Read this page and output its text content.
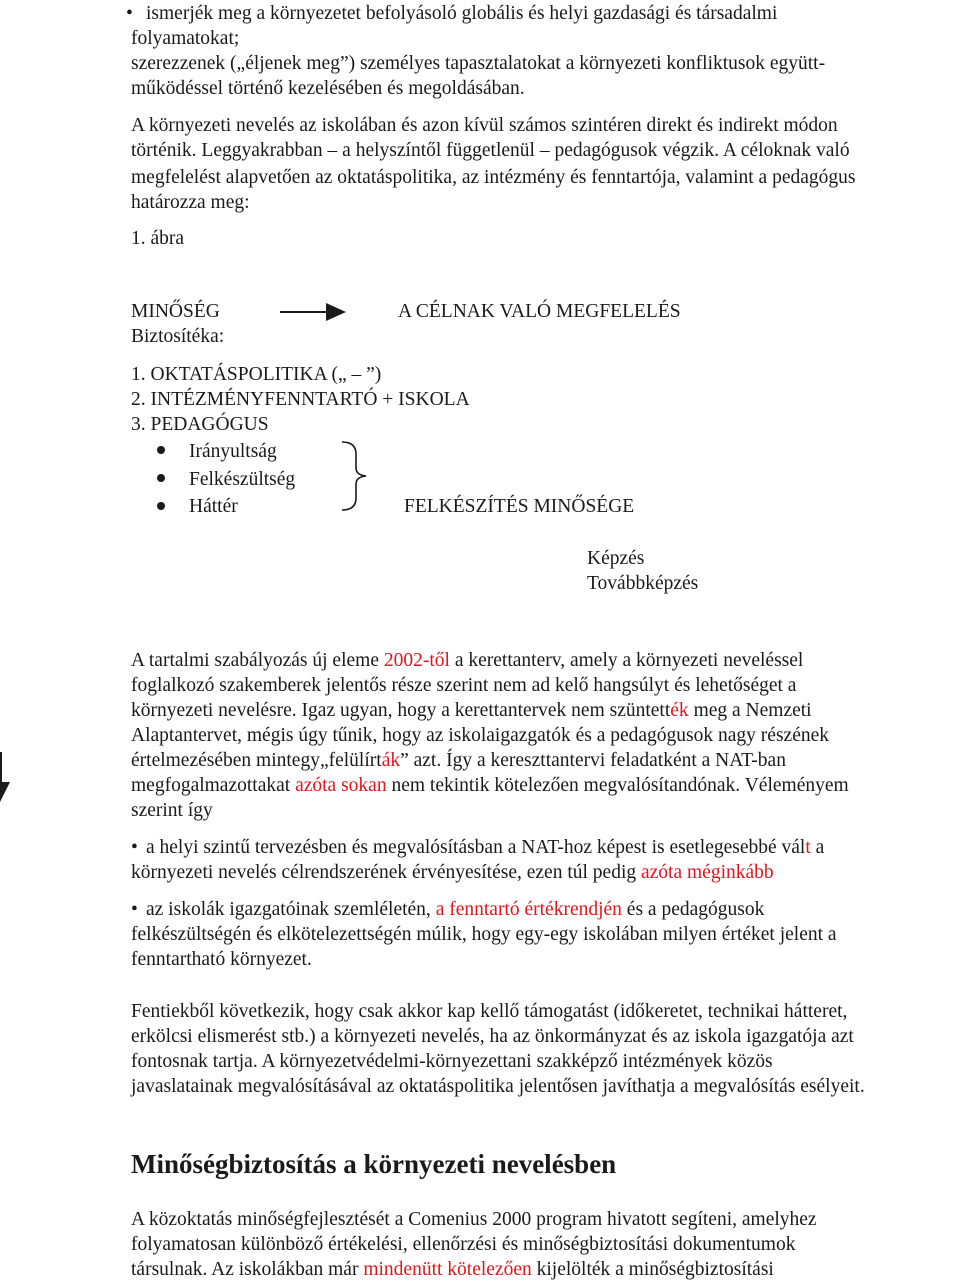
• ismerjék meg a környezetet befolyásoló globális és helyi gazdasági és társadalmi
folyamatokat;
szerezzenek („éljenek meg”) személyes tapasztalatokat a környezeti konfliktusok együtt-
működéssel történő kezelésében és megoldásában.
A környezeti nevelés az iskolában és azon kívül számos szintéren direkt és indirekt módon
történik. Leggyakrabban – a helyszíntől függetlenül – pedagógusok végzik. A céloknak való
megfelelést alapvetően az oktatáspolitika, az intézmény és fenntartója, valamint a pedagógus
határozza meg:
1. ábra
MINŐSÉG	A CÉLNAK VALÓ MEGFELELÉS
Biztosítéka:
1. OKTATÁSPOLITIKA („ – ”)
2. INTÉZMÉNYFENNTARTÓ + ISKOLA
3. PEDAGÓGUS
Irányultság
Felkészültség
Háttér	FELKÉSZÍTÉS MINŐSÉGE
Képzés
Továbbképzés
A tartalmi szabályozás új eleme 2002-től a kerettanterv, amely a környezeti neveléssel
foglalkozó szakemberek jelentős része szerint nem ad kelő hangsúlyt és lehetőséget a
környezeti nevelésre. Igaz ugyan, hogy a kerettantervek nem szüntették meg a Nemzeti
Alaptantervet, mégis úgy tűnik, hogy az iskolaigazgatók és a pedagógusok nagy részének
értelmezésében mintegy„felülírták” azt. Így a kereszttantervi feladatként a NAT-ban
megfogalmazottakat azóta sokan nem tekintik kötelezően megvalósítandónak. Véleményem
szerint így
• a helyi szintű tervezésben és megvalósításban a NAT-hoz képest is esetlegesebbé vált a
környezeti nevelés célrendszerének érvényesítése, ezen túl pedig azóta méginkább
• az iskolák igazgatóinak szemléletén, a fenntartó értékrendjén és a pedagógusok
felkészültségén és elkötelezettségén múlik, hogy egy-egy iskolában milyen értéket jelent a
fenntartható környezet.
Fentiekből következik, hogy csak akkor kap kellő támogatást (időkeretet, technikai hátteret,
erkölcsi elismerést stb.) a környezeti nevelés, ha az önkormányzat és az iskola igazgatója azt
fontosnak tartja. A környezetvédelmi-környezettani szakképző intézmények közös
javaslatainak megvalósításával az oktatáspolitika jelentősen javíthatja a megvalósítás esélyeit.
Minőségbiztosítás a környezeti nevelésben
A közoktatás minőségfejlesztését a Comenius 2000 program hivatott segíteni, amelyhez
folyamatosan különböző értékelési, ellenőrzési és minőségbiztosítási dokumentumok
társulnak. Az iskolákban már mindenütt kötelezően kijelölték a minőségbiztosítási
